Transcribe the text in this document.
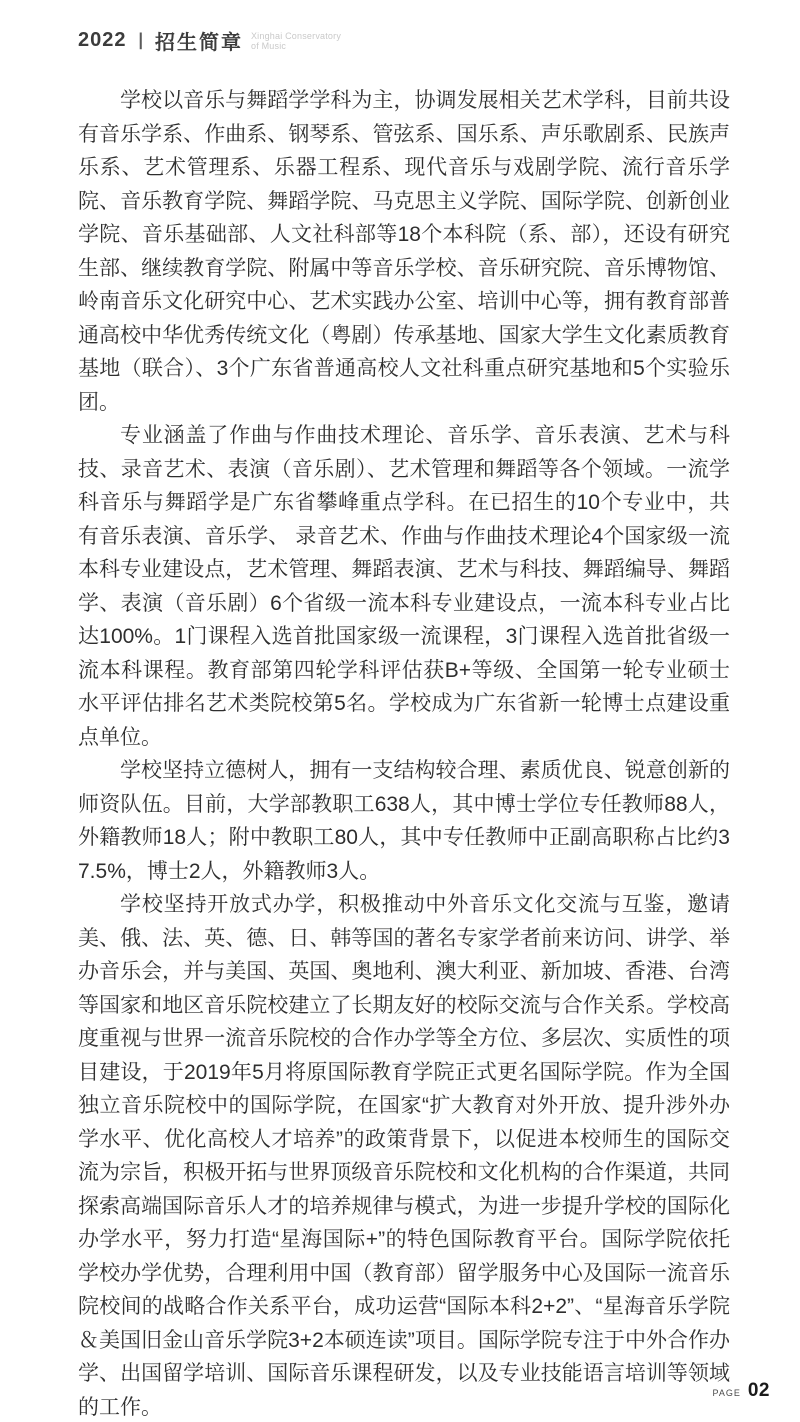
2022 | 招生简章 Xinghai Conservatory
of Music

学校以音乐与舞蹈学学科为主，协调发展相关艺术学科，目前共设有音乐学系、作曲系、钢琴系、管弦系、国乐系、声乐歌剧系、民族声乐系、艺术管理系、乐器工程系、现代音乐与戏剧学院、流行音乐学院、音乐教育学院、舞蹈学院、马克思主义学院、国际学院、创新创业学院、音乐基础部、人文社科部等18个本科院（系、部），还设有研究生部、继续教育学院、附属中等音乐学校、音乐研究院、音乐博物馆、岭南音乐文化研究中心、艺术实践办公室、培训中心等，拥有教育部普通高校中华优秀传统文化（粤剧）传承基地、国家大学生文化素质教育基地（联合）、3个广东省普通高校人文社科重点研究基地和5个实验乐团。

专业涵盖了作曲与作曲技术理论、音乐学、音乐表演、艺术与科技、录音艺术、表演（音乐剧）、艺术管理和舞蹈等各个领域。一流学科音乐与舞蹈学是广东省攀峰重点学科。在已招生的10个专业中，共有音乐表演、音乐学、 录音艺术、作曲与作曲技术理论4个国家级一流本科专业建设点，艺术管理、舞蹈表演、艺术与科技、舞蹈编导、舞蹈学、表演（音乐剧）6个省级一流本科专业建设点，一流本科专业占比达100%。1门课程入选首批国家级一流课程，3门课程入选首批省级一流本科课程。教育部第四轮学科评估获B+等级、全国第一轮专业硕士水平评估排名艺术类院校第5名。学校成为广东省新一轮博士点建设重点单位。

学校坚持立德树人，拥有一支结构较合理、素质优良、锐意创新的师资队伍。目前，大学部教职工638人，其中博士学位专任教师88人，外籍教师18人；附中教职工80人，其中专任教师中正副高职称占比约37.5%，博士2人，外籍教师3人。

学校坚持开放式办学，积极推动中外音乐文化交流与互鉴，邀请美、俄、法、英、德、日、韩等国的著名专家学者前来访问、讲学、举办音乐会，并与美国、英国、奥地利、澳大利亚、新加坡、香港、台湾等国家和地区音乐院校建立了长期友好的校际交流与合作关系。学校高度重视与世界一流音乐院校的合作办学等全方位、多层次、实质性的项目建设，于2019年5月将原国际教育学院正式更名国际学院。作为全国独立音乐院校中的国际学院，在国家“扩大教育对外开放、提升涉外办学水平、优化高校人才培养”的政策背景下，以促进本校师生的国际交流为宗旨，积极开拓与世界顶级音乐院校和文化机构的合作渠道，共同探索高端国际音乐人才的培养规律与模式，为进一步提升学校的国际化办学水平，努力打造“星海国际+”的特色国际教育平台。国际学院依托学校办学优势，合理利用中国（教育部）留学服务中心及国际一流音乐院校间的战略合作关系平台，成功运营“国际本科2+2”、“星海音乐学院＆美国旧金山音乐学院3+2本硕连读”项目。国际学院专注于中外合作办学、出国留学培训、国际音乐课程研发，以及专业技能语言培训等领域的工作。

PAGE 02
